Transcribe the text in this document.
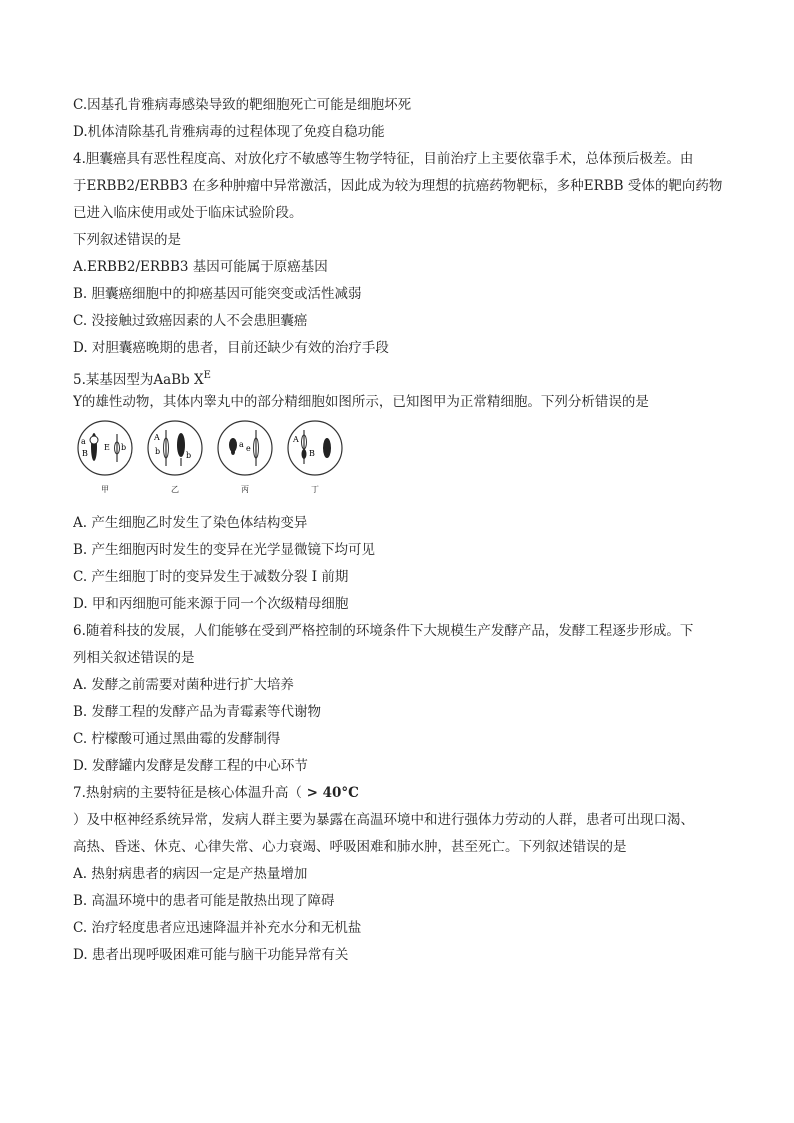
C.因基孔肯雅病毒感染导致的靶细胞死亡可能是细胞坏死
D.机体清除基孔肯雅病毒的过程体现了免疫自稳功能
4.胆囊癌具有恶性程度高、对放化疗不敏感等生物学特征，目前治疗上主要依靠手术，总体预后极差。由
于ERBB2/ERBB3 在多种肿瘤中异常激活，因此成为较为理想的抗癌药物靶标，多种ERBB 受体的靶向药物
已进入临床使用或处于临床试验阶段。
下列叙述错误的是
A.ERBB2/ERBB3 基因可能属于原癌基因
B. 胆囊癌细胞中的抑癌基因可能突变或活性减弱
C. 没接触过致癌因素的人不会患胆囊癌
D. 对胆囊癌晚期的患者，目前还缺少有效的治疗手段
5.某基因型为AaBb $X^E$
Y的雄性动物，其体内睾丸中的部分精细胞如图所示，已知图甲为正常精细胞。下列分析错误的是
a
B
E b
甲
A
b	b
乙
a e
丙
A
B
丁
A. 产生细胞乙时发生了染色体结构变异
B. 产生细胞丙时发生的变异在光学显微镜下均可见
C. 产生细胞丁时的变异发生于减数分裂 I 前期
D. 甲和丙细胞可能来源于同一个次级精母细胞
6.随着科技的发展，人们能够在受到严格控制的环境条件下大规模生产发酵产品，发酵工程逐步形成。下
列相关叙述错误的是
A. 发酵之前需要对菌种进行扩大培养
B. 发酵工程的发酵产品为青霉素等代谢物
C. 柠檬酸可通过黑曲霉的发酵制得
D. 发酵罐内发酵是发酵工程的中心环节
7.热射病的主要特征是核心体温升高（ > 40°C
）及中枢神经系统异常，发病人群主要为暴露在高温环境中和进行强体力劳动的人群，患者可出现口渴、
高热、昏迷、休克、心律失常、心力衰竭、呼吸困难和肺水肿，甚至死亡。下列叙述错误的是
A. 热射病患者的病因一定是产热量增加
B. 高温环境中的患者可能是散热出现了障碍
C. 治疗轻度患者应迅速降温并补充水分和无机盐
D. 患者出现呼吸困难可能与脑干功能异常有关
